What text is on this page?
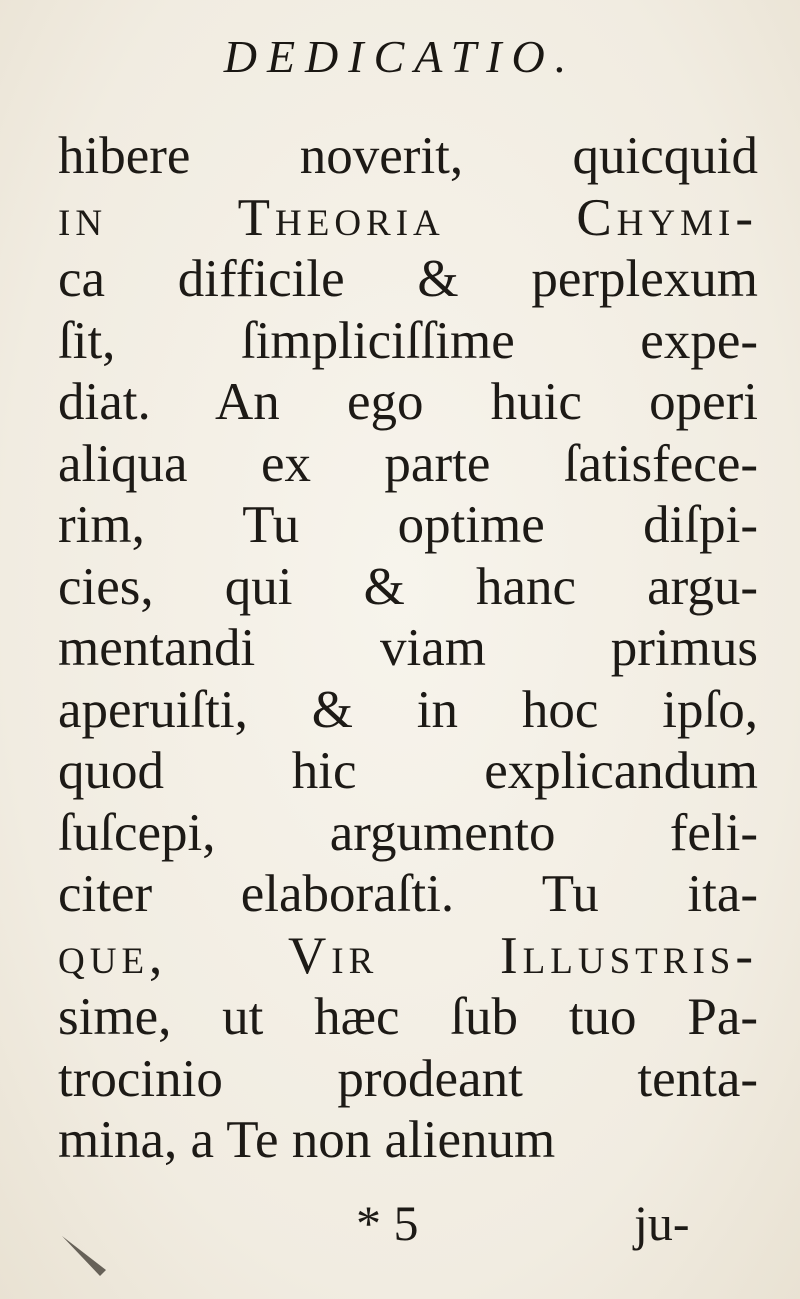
DEDICATIO.
hibere noverit, quicquid
in Theoria Chymi-
ca difficile & perplexum
ſit, ſimpliciſſime expe-
diat. An ego huic operi
aliqua ex parte ſatisfece-
rim, Tu optime diſpi-
cies, qui & hanc argu-
mentandi viam primus
aperuiſti, & in hoc ipſo,
quod hic explicandum
ſuſcepi, argumento feli-
citer elaboraſti. Tu ita-
que, Vir Illustris-
sime, ut hæc ſub tuo Pa-
trocinio prodeant tenta-
mina, a Te non alienum
* 5	ju-
